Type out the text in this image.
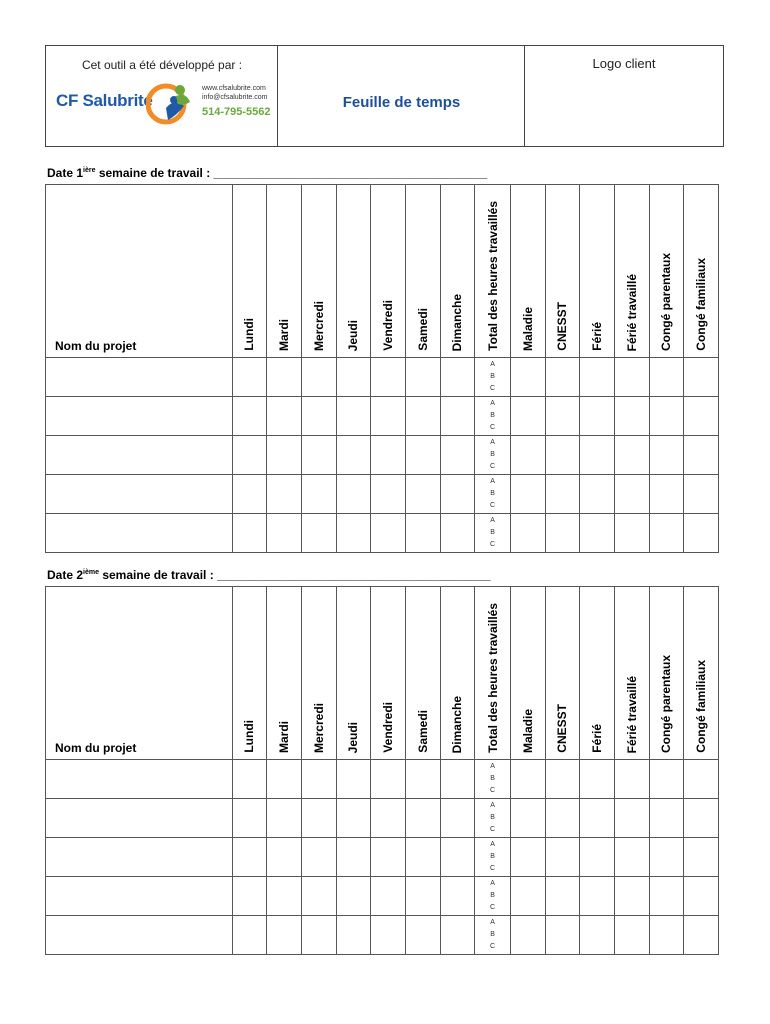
Cet outil a été développé par :
CF Salubrité
www.cfsalubrite.com
info@cfsalubrite.com
514-795-5562
Feuille de temps
Logo client
Date $1^{ière}$ semaine de travail : _________________________________________
Nom du projet	Lundi	Mardi	Mercredi	Jeudi	Vendredi	Samedi	Dimanche	Total des heures travaillés	Maladie	CNESST	Férié	Férié travaillé	Congé parentaux	Congé familiaux

								A
B
C						

								A
B
C						

								A
B
C						

								A
B
C						

								A
B
C						

Date 2ième semaine de travail : _________________________________________
Nom du projet	Lundi	Mardi	Mercredi	Jeudi	Vendredi	Samedi	Dimanche	Total des heures travaillés	Maladie	CNESST	Férié	Férié travaillé	Congé parentaux	Congé familiaux

								A
B
C						

								A
B
C						

								A
B
C						

								A
B
C						

								A
B
C						
